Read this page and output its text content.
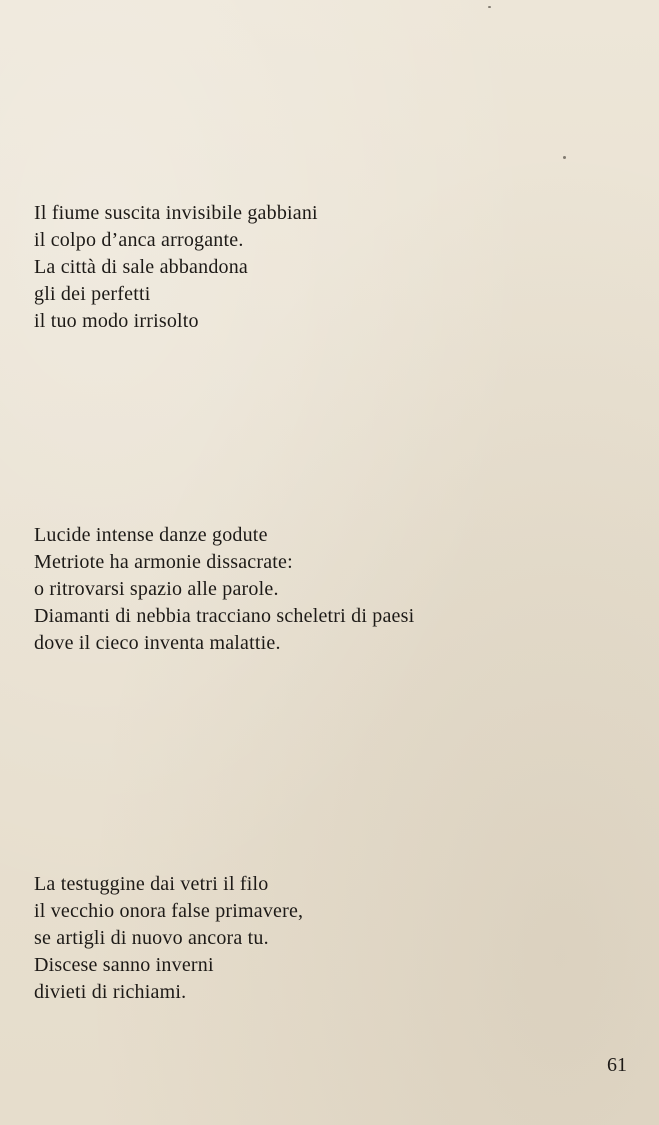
Il fiume suscita invisibile gabbiani
il colpo d’anca arrogante.
La città di sale abbandona
gli dei perfetti
il tuo modo irrisolto
Lucide intense danze godute
Metriote ha armonie dissacrate:
o ritrovarsi spazio alle parole.
Diamanti di nebbia tracciano scheletri di paesi
dove il cieco inventa malattie.
La testuggine dai vetri il filo
il vecchio onora false primavere,
se artigli di nuovo ancora tu.
Discese sanno inverni
divieti di richiami.
61
